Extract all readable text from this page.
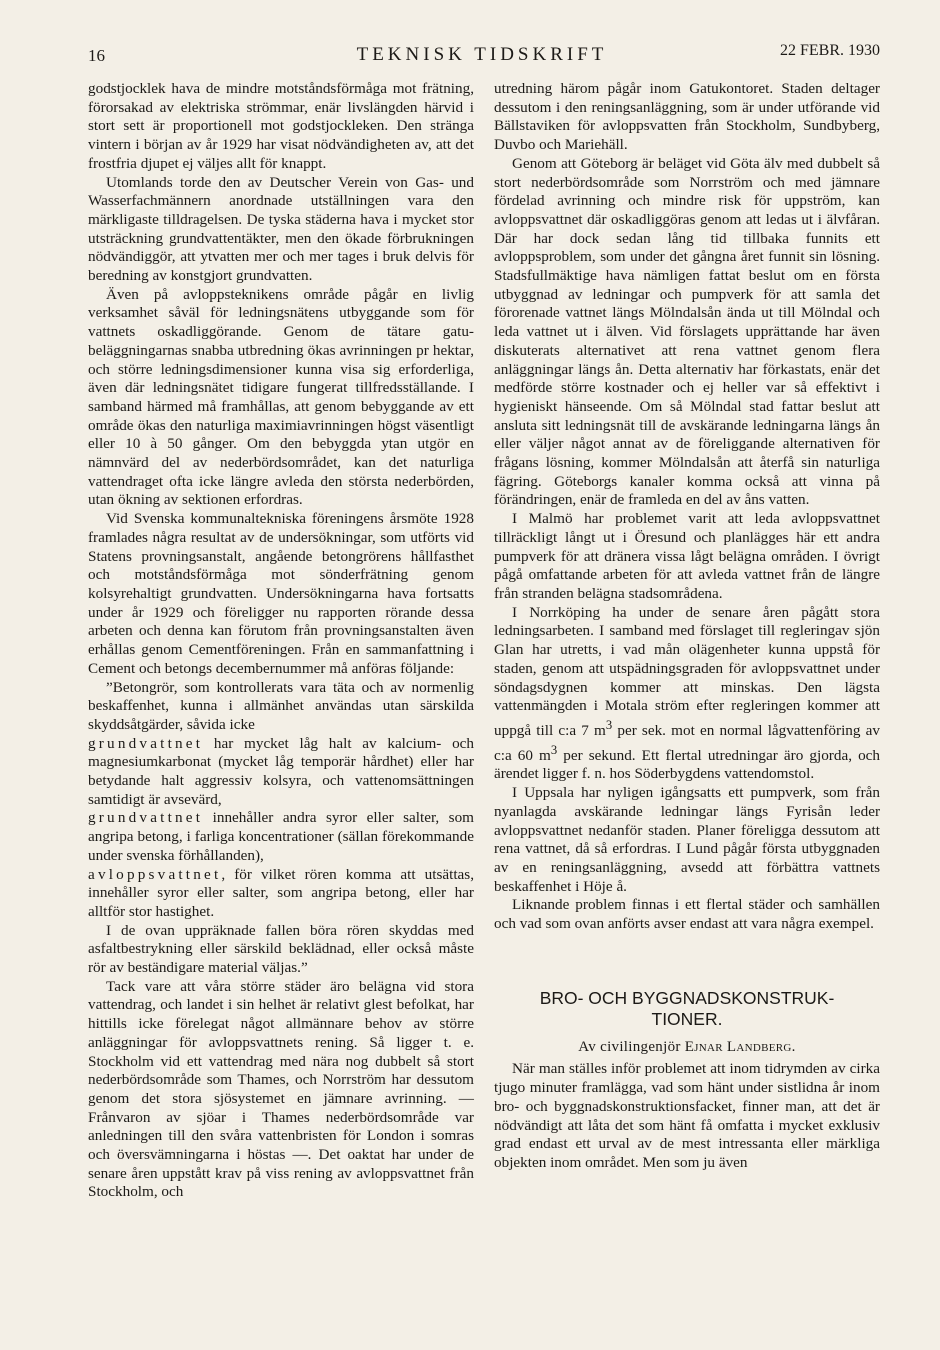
16	TEKNISK TIDSKRIFT	22 FEBR. 1930

godstjocklek hava de mindre motståndsförmåga mot frätning, förorsakad av elektriska strömmar, enär livslängden härvid i stort sett är proportionell mot godstjockleken. Den stränga vintern i början av år 1929 har visat nödvändigheten av, att det frostfria djupet ej väljes allt för knappt.

Utomlands torde den av Deutscher Verein von Gas- und Wasserfachmännern anordnade utställningen vara den märkligaste tilldragelsen. De tyska städerna hava i mycket stor utsträckning grundvattentäkter, men den ökade förbrukningen nödvändiggör, att ytvatten mer och mer tages i bruk delvis för beredning av konstgjort grundvatten.

Även på avloppsteknikens område pågår en livlig verksamhet såväl för ledningsnätens utbyggande som för vattnets oskadliggörande. Genom de tätare gatu-beläggningarnas snabba utbredning ökas avrinningen pr hektar, och större ledningsdimensioner kunna visa sig erforderliga, även där ledningsnätet tidigare fungerat tillfredsställande. I samband härmed må framhållas, att genom bebyggande av ett område ökas den naturliga maximiavrinningen högst väsentligt eller 10 à 50 gånger. Om den bebyggda ytan utgör en nämnvärd del av nederbördsområdet, kan det naturliga vattendraget ofta icke längre avleda den största nederbörden, utan ökning av sektionen erfordras.

Vid Svenska kommunaltekniska föreningens årsmöte 1928 framlades några resultat av de undersökningar, som utförts vid Statens provningsanstalt, angående betongrörens hållfasthet och motståndsförmåga mot sönderfrätning genom kolsyrehaltigt grundvatten. Undersökningarna hava fortsatts under år 1929 och föreligger nu rapporten rörande dessa arbeten och denna kan förutom från provningsanstalten även erhållas genom Cementföreningen. Från en sammanfattning i Cement och betongs decembernummer må anföras följande:

”Betongrör, som kontrollerats vara täta och av normenlig beskaffenhet, kunna i allmänhet användas utan särskilda skyddsåtgärder, såvida icke

grundvattnet har mycket låg halt av kalcium- och magnesiumkarbonat (mycket låg temporär hårdhet) eller har betydande halt aggressiv kolsyra, och vattenomsättningen samtidigt är avsevärd,

grundvattnet innehåller andra syror eller salter, som angripa betong, i farliga koncentrationer (sällan förekommande under svenska förhållanden),

avloppsvattnet, för vilket rören komma att utsättas, innehåller syror eller salter, som angripa betong, eller har alltför stor hastighet.

I de ovan uppräknade fallen böra rören skyddas med asfaltbestrykning eller särskild beklädnad, eller också måste rör av beständigare material väljas.”

Tack vare att våra större städer äro belägna vid stora vattendrag, och landet i sin helhet är relativt glest befolkat, har hittills icke förelegat något allmännare behov av större anläggningar för avloppsvattnets rening. Så ligger t. e. Stockholm vid ett vattendrag med nära nog dubbelt så stort nederbördsområde som Thames, och Norrström har dessutom genom det stora sjösystemet en jämnare avrinning. — Frånvaron av sjöar i Thames nederbördsområde var anledningen till den svåra vattenbristen för London i somras och översvämningarna i höstas —. Det oaktat har under de senare åren uppstått krav på viss rening av avloppsvattnet från Stockholm, och

utredning härom pågår inom Gatukontoret. Staden deltager dessutom i den reningsanläggning, som är under utförande vid Bällstaviken för avloppsvatten från Stockholm, Sundbyberg, Duvbo och Mariehäll.

Genom att Göteborg är beläget vid Göta älv med dubbelt så stort nederbördsområde som Norrström och med jämnare fördelad avrinning och mindre risk för uppström, kan avloppsvattnet där oskadliggöras genom att ledas ut i älvfåran. Där har dock sedan lång tid tillbaka funnits ett avloppsproblem, som under det gångna året funnit sin lösning. Stadsfullmäktige hava nämligen fattat beslut om en första utbyggnad av ledningar och pumpverk för att samla det förorenade vattnet längs Mölndalsån ända ut till Mölndal och leda vattnet ut i älven. Vid förslagets upprättande har även diskuterats alternativet att rena vattnet genom flera anläggningar längs ån. Detta alternativ har förkastats, enär det medförde större kostnader och ej heller var så effektivt i hygieniskt hänseende. Om så Mölndal stad fattar beslut att ansluta sitt ledningsnät till de avskärande ledningarna längs ån eller väljer något annat av de föreliggande alternativen för frågans lösning, kommer Mölndalsån att återfå sin naturliga fägring. Göteborgs kanaler komma också att vinna på förändringen, enär de framleda en del av åns vatten.

I Malmö har problemet varit att leda avloppsvattnet tillräckligt långt ut i Öresund och planlägges här ett andra pumpverk för att dränera vissa lågt belägna områden. I övrigt pågå omfattande arbeten för att avleda vattnet från de längre från stranden belägna stadsområdena.

I Norrköping ha under de senare åren pågått stora ledningsarbeten. I samband med förslaget till regleringav sjön Glan har utretts, i vad mån olägenheter kunna uppstå för staden, genom att utspädningsgraden för avloppsvattnet under söndagsdygnen kommer att minskas. Den lägsta vattenmängden i Motala ström efter regleringen kommer att uppgå till c:a 7 $m^3$ per sek. mot en normal lågvattenföring av c:a 60 $m^3$ per sekund. Ett flertal utredningar äro gjorda, och ärendet ligger f. n. hos Söderbygdens vattendomstol.

I Uppsala har nyligen igångsatts ett pumpverk, som från nyanlagda avskärande ledningar längs Fyrisån leder avloppsvattnet nedanför staden. Planer föreligga dessutom att rena vattnet, då så erfordras. I Lund pågår första utbyggnaden av en reningsanläggning, avsedd att förbättra vattnets beskaffenhet i Höje å.

Liknande problem finnas i ett flertal städer och samhällen och vad som ovan anförts avser endast att vara några exempel.

BRO- OCH BYGGNADSKONSTRUK-
TIONER.
Av civilingenjör Ejnar Landberg.

När man ställes inför problemet att inom tidrymden av cirka tjugo minuter framlägga, vad som hänt under sistlidna år inom bro- och byggnadskonstruktionsfacket, finner man, att det är nödvändigt att låta det som hänt få omfatta i mycket exklusiv grad endast ett urval av de mest intressanta eller märkliga objekten inom området. Men som ju även
